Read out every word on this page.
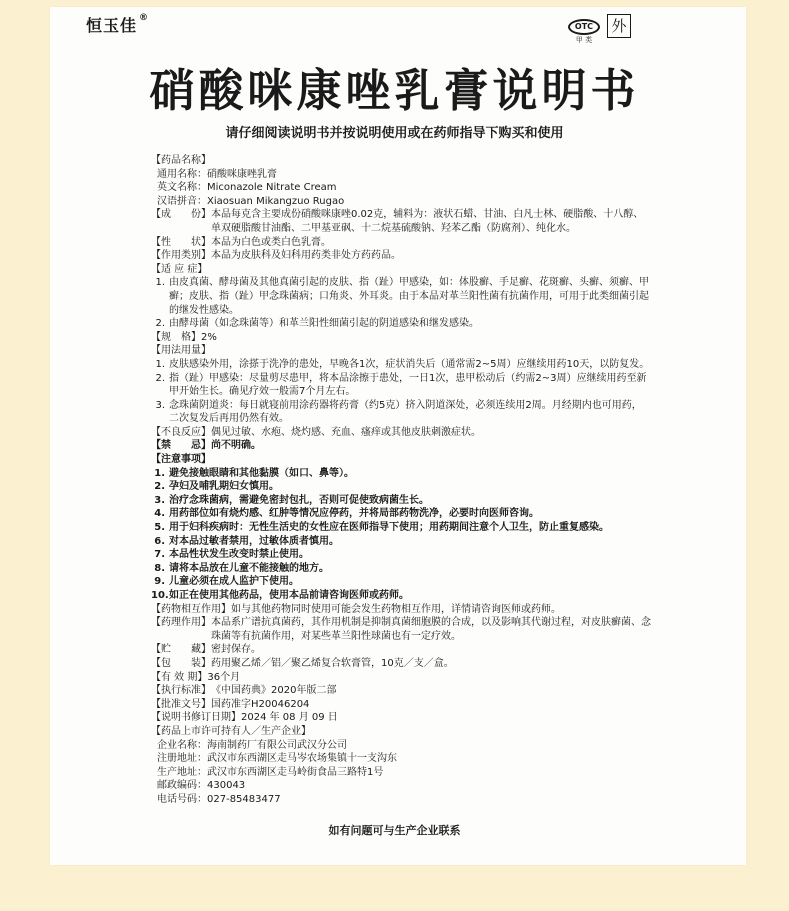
恒玉佳 ®
OTC
甲 类
外
硝酸咪康唑乳膏说明书
请仔细阅读说明书并按说明使用或在药师指导下购买和使用
【药品名称】
通用名称： 硝酸咪康唑乳膏
英文名称： Miconazole Nitrate Cream
汉语拼音： Xiaosuan Mikangzuo Rugao
【成　　份】 本品每克含主要成份硝酸咪康唑0.02克，辅料为：液状石蜡、甘油、白凡士林、硬脂酸、十八醇、单双硬脂酸甘油酯、二甲基亚砜、十二烷基硫酸钠、羟苯乙酯（防腐剂）、纯化水。
【性　　状】 本品为白色或类白色乳膏。
【作用类别】 本品为皮肤科及妇科用药类非处方药药品。
【适 应 症】
1. 由皮真菌、酵母菌及其他真菌引起的皮肤、指（趾）甲感染，如：体股癣、手足癣、花斑癣、头癣、须癣、甲癣；皮肤、指（趾）甲念珠菌病；口角炎、外耳炎。由于本品对革兰阳性菌有抗菌作用，可用于此类细菌引起的继发性感染。
2. 由酵母菌（如念珠菌等）和革兰阳性细菌引起的阴道感染和继发感染。
【规　格】 2%
【用法用量】
1. 皮肤感染外用，涂搽于洗净的患处，早晚各1次，症状消失后（通常需2~5周）应继续用药10天，以防复发。
2. 指（趾）甲感染：尽量剪尽患甲，将本品涂擦于患处，一日1次，患甲松动后（约需2~3周）应继续用药至新甲开始生长。确见疗效一般需7个月左右。
3. 念珠菌阴道炎：每日就寝前用涂药器将药膏（约5克）挤入阴道深处，必须连续用2周。月经期内也可用药，二次复发后再用仍然有效。
【不良反应】 偶见过敏、水疱、烧灼感、充血、瘙痒或其他皮肤刺激症状。
【禁　　忌】 尚不明确。
【注意事项】
1. 避免接触眼睛和其他黏膜（如口、鼻等）。
2. 孕妇及哺乳期妇女慎用。
3. 治疗念珠菌病，需避免密封包扎，否则可促使致病菌生长。
4. 用药部位如有烧灼感、红肿等情况应停药，并将局部药物洗净，必要时向医师咨询。
5. 用于妇科疾病时：无性生活史的女性应在医师指导下使用；用药期间注意个人卫生，防止重复感染。
6. 对本品过敏者禁用，过敏体质者慎用。
7. 本品性状发生改变时禁止使用。
8. 请将本品放在儿童不能接触的地方。
9. 儿童必须在成人监护下使用。
10. 如正在使用其他药品，使用本品前请咨询医师或药师。
【药物相互作用】 如与其他药物同时使用可能会发生药物相互作用，详情请咨询医师或药师。
【药理作用】 本品系广谱抗真菌药，其作用机制是抑制真菌细胞膜的合成，以及影响其代谢过程，对皮肤癣菌、念珠菌等有抗菌作用，对某些革兰阳性球菌也有一定疗效。
【贮　　藏】 密封保存。
【包　　装】 药用聚乙烯／铝／聚乙烯复合软膏管，10克／支／盒。
【有 效 期】 36个月
【执行标准】 《中国药典》2020年版二部
【批准文号】 国药准字H20046204
【说明书修订日期】 2024 年 08 月 09 日
【药品上市许可持有人／生产企业】
企业名称： 海南制药厂有限公司武汉分公司
注册地址： 武汉市东西湖区走马岑农场集镇十一支沟东
生产地址： 武汉市东西湖区走马岭街食品三路特1号
邮政编码： 430043
电话号码： 027-85483477
如有问题可与生产企业联系
